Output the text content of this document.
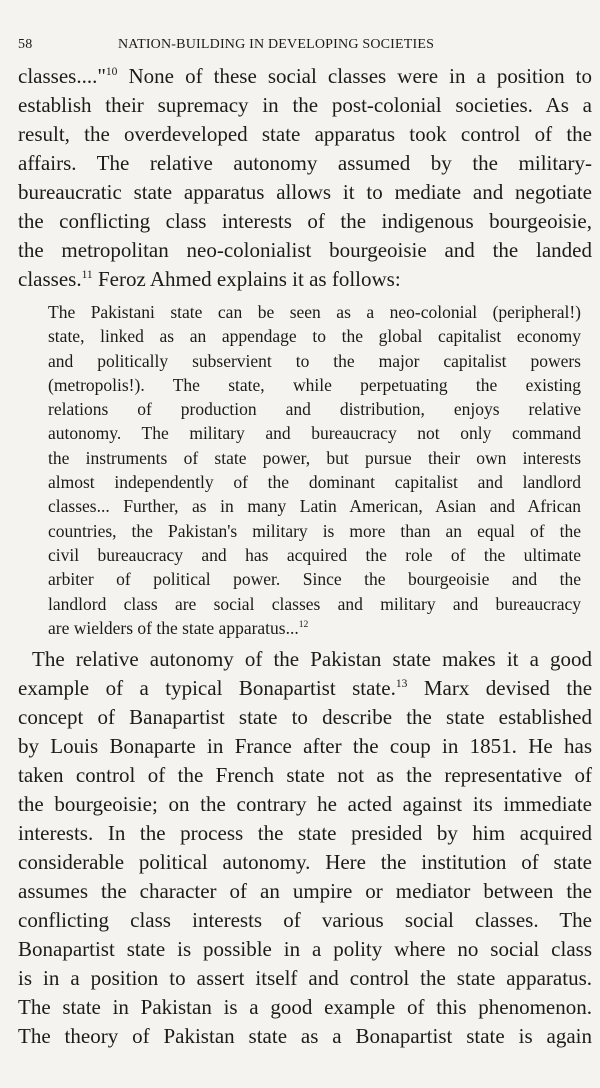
58	NATION-BUILDING IN DEVELOPING SOCIETIES
classes...."$^{10}$ None of these social classes were in a position to
establish their supremacy in the post-colonial societies. As a
result, the overdeveloped state apparatus took control of the
affairs. The relative autonomy assumed by the military-
bureaucratic state apparatus allows it to mediate and negotiate
the conflicting class interests of the indigenous bourgeoisie,
the metropolitan neo-colonialist bourgeoisie and the landed
classes.$^{11}$ Feroz Ahmed explains it as follows:
The Pakistani state can be seen as a neo-colonial (peripheral!)
state, linked as an appendage to the global capitalist economy
and politically subservient to the major capitalist powers
(metropolis!). The state, while perpetuating the existing
relations of production and distribution, enjoys relative
autonomy. The military and bureaucracy not only command
the instruments of state power, but pursue their own interests
almost independently of the dominant capitalist and landlord
classes... Further, as in many Latin American, Asian and African
countries, the Pakistan's military is more than an equal of the
civil bureaucracy and has acquired the role of the ultimate
arbiter of political power. Since the bourgeoisie and the
landlord class are social classes and military and bureaucracy
are wielders of the state apparatus...$^{12}$
The relative autonomy of the Pakistan state makes it a good
example of a typical Bonapartist state.$^{13}$ Marx devised the
concept of Banapartist state to describe the state established
by Louis Bonaparte in France after the coup in 1851. He has
taken control of the French state not as the representative of
the bourgeoisie; on the contrary he acted against its immediate
interests. In the process the state presided by him acquired
considerable political autonomy. Here the institution of state
assumes the character of an umpire or mediator between the
conflicting class interests of various social classes. The
Bonapartist state is possible in a polity where no social class
is in a position to assert itself and control the state apparatus.
The state in Pakistan is a good example of this phenomenon.
The theory of Pakistan state as a Bonapartist state is again
